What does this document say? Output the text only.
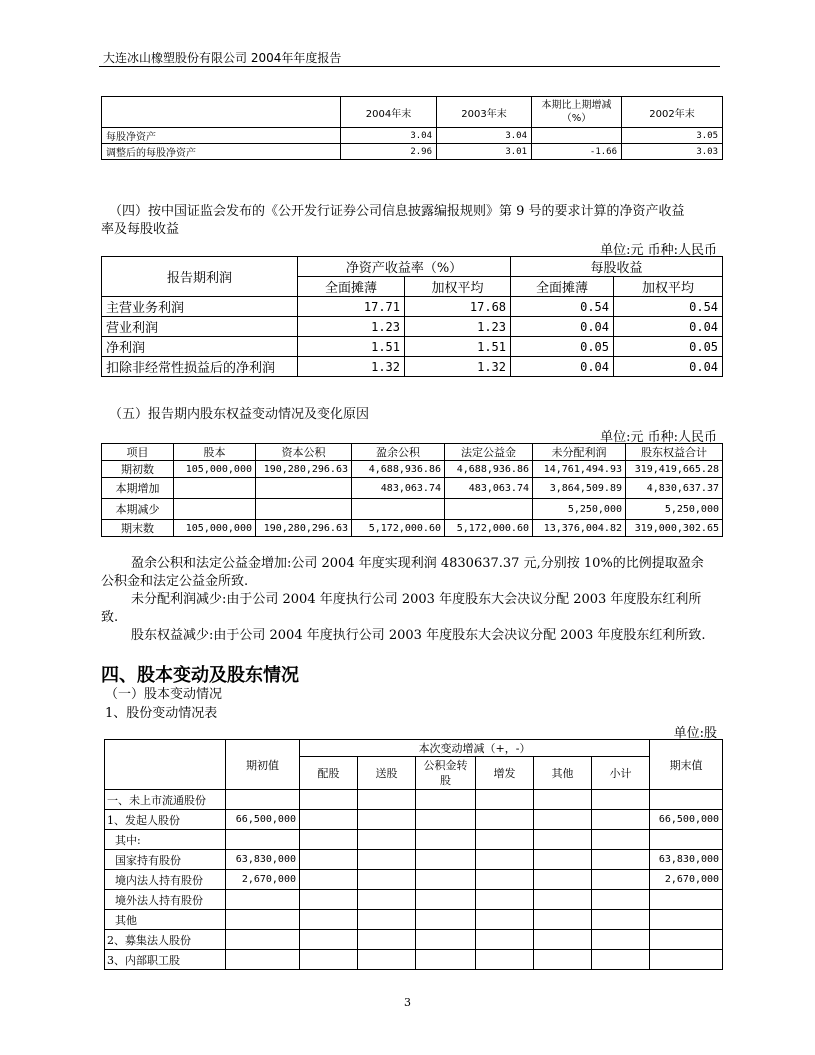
大连冰山橡塑股份有限公司 2004年年度报告
	2004年末	2003年末	本期比上期增减（%）	2002年末
每股净资产	3.04	3.04		3.05
调整后的每股净资产	2.96	3.01	-1.66	3.03
（四）按中国证监会发布的《公开发行证券公司信息披露编报规则》第 9 号的要求计算的净资产收益
率及每股收益
单位:元 币种:人民币
报告期利润	净资产收益率（%）		每股收益	
	全面摊薄	加权平均	全面摊薄	加权平均
主营业务利润	17.71	17.68	0.54	0.54
营业利润	1.23	1.23	0.04	0.04
净利润	1.51	1.51	0.05	0.05
扣除非经常性损益后的净利润	1.32	1.32	0.04	0.04
（五）报告期内股东权益变动情况及变化原因
单位:元 币种:人民币
项目	股本	资本公积	盈余公积	法定公益金	未分配利润	股东权益合计
期初数	105,000,000	190,280,296.63	4,688,936.86	4,688,936.86	14,761,494.93	319,419,665.28
本期增加			483,063.74	483,063.74	3,864,509.89	4,830,637.37
本期减少					5,250,000	5,250,000
期末数	105,000,000	190,280,296.63	5,172,000.60	5,172,000.60	13,376,004.82	319,000,302.65
盈余公积和法定公益金增加:公司 2004 年度实现利润 4830637.37 元,分别按 10%的比例提取盈余
公积金和法定公益金所致.
未分配利润减少:由于公司 2004 年度执行公司 2003 年度股东大会决议分配 2003 年度股东红利所
致.
股东权益减少:由于公司 2004 年度执行公司 2003 年度股东大会决议分配 2003 年度股东红利所致.
四、股本变动及股东情况
（一）股本变动情况
1、股份变动情况表
单位:股
	期初值	本次变动增减（+，-）						期末值
		配股	送股	公积金转股	增发	其他	小计	
一、未上市流通股份								
1、发起人股份	66,500,000							66,500,000
其中:								
国家持有股份	63,830,000							63,830,000
境内法人持有股份	2,670,000							2,670,000
境外法人持有股份								
其他								
2、募集法人股份								
3、内部职工股								
3
